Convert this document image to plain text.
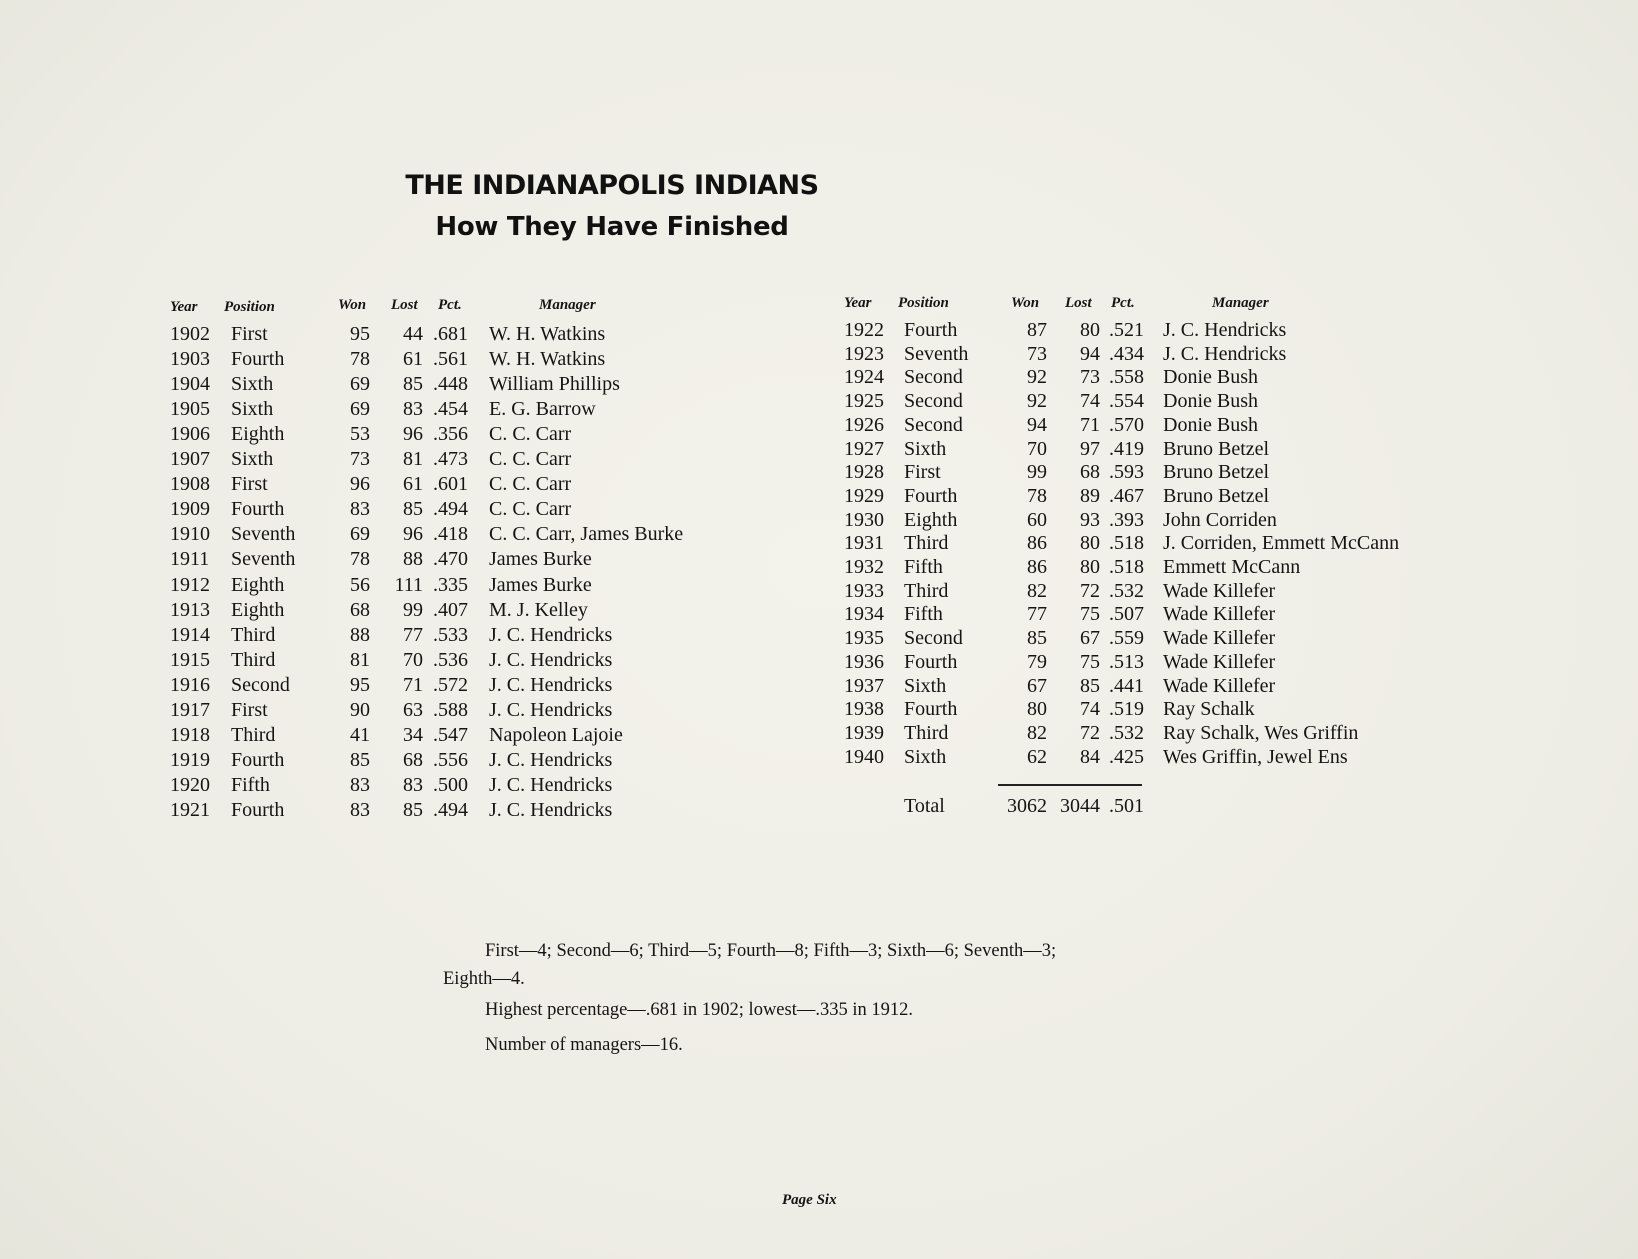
THE INDIANAPOLIS INDIANS
How They Have Finished
Year Position	Won Lost Pct.	Manager	Year Position	Won Lost Pct.	Manager
1902 First	95	44 .681 W. H. Watkins
1903 Fourth	78	61 .561 W. H. Watkins
1904 Sixth	69	85 .448 William Phillips
1905 Sixth	69	83 .454 E. G. Barrow
1906 Eighth	53	96 .356 C. C. Carr
1907 Sixth	73	81 .473 C. C. Carr
1908 First	96	61 .601 C. C. Carr
1909 Fourth	83	85 .494 C. C. Carr
1910 Seventh	69	96 .418 C. C. Carr, James Burke
1911 Seventh	78	88 .470 James Burke
1912 Eighth	56	111 .335 James Burke
1913 Eighth	68	99 .407 M. J. Kelley
1914 Third	88	77 .533 J. C. Hendricks
1915 Third	81	70 .536 J. C. Hendricks
1916 Second	95	71 .572 J. C. Hendricks
1917 First	90	63 .588 J. C. Hendricks
1918 Third	41	34 .547 Napoleon Lajoie
1919 Fourth	85	68 .556 J. C. Hendricks
1920 Fifth	83	83 .500 J. C. Hendricks
1921 Fourth	83	85 .494 J. C. Hendricks
1922 Fourth	87	80 .521 J. C. Hendricks
1923 Seventh	73	94 .434 J. C. Hendricks
1924 Second	92	73 .558 Donie Bush
1925 Second	92	74 .554 Donie Bush
1926 Second	94	71 .570 Donie Bush
1927 Sixth	70	97 .419 Bruno Betzel
1928 First	99	68 .593 Bruno Betzel
1929 Fourth	78	89 .467 Bruno Betzel
1930 Eighth	60	93 .393 John Corriden
1931 Third	86	80 .518 J. Corriden, Emmett McCann
1932 Fifth	86	80 .518 Emmett McCann
1933 Third	82	72 .532 Wade Killefer
1934 Fifth	77	75 .507 Wade Killefer
1935 Second	85	67 .559 Wade Killefer
1936 Fourth	79	75 .513 Wade Killefer
1937 Sixth	67	85 .441 Wade Killefer
1938 Fourth	80	74 .519 Ray Schalk
1939 Third	82	72 .532 Ray Schalk, Wes Griffin
1940 Sixth	62	84 .425 Wes Griffin, Jewel Ens
Total	3062 3044 .501
First—4; Second—6; Third—5; Fourth—8; Fifth—3; Sixth—6; Seventh—3;
Eighth—4.
Highest percentage—.681 in 1902; lowest—.335 in 1912.
Number of managers—16.
Page Six
